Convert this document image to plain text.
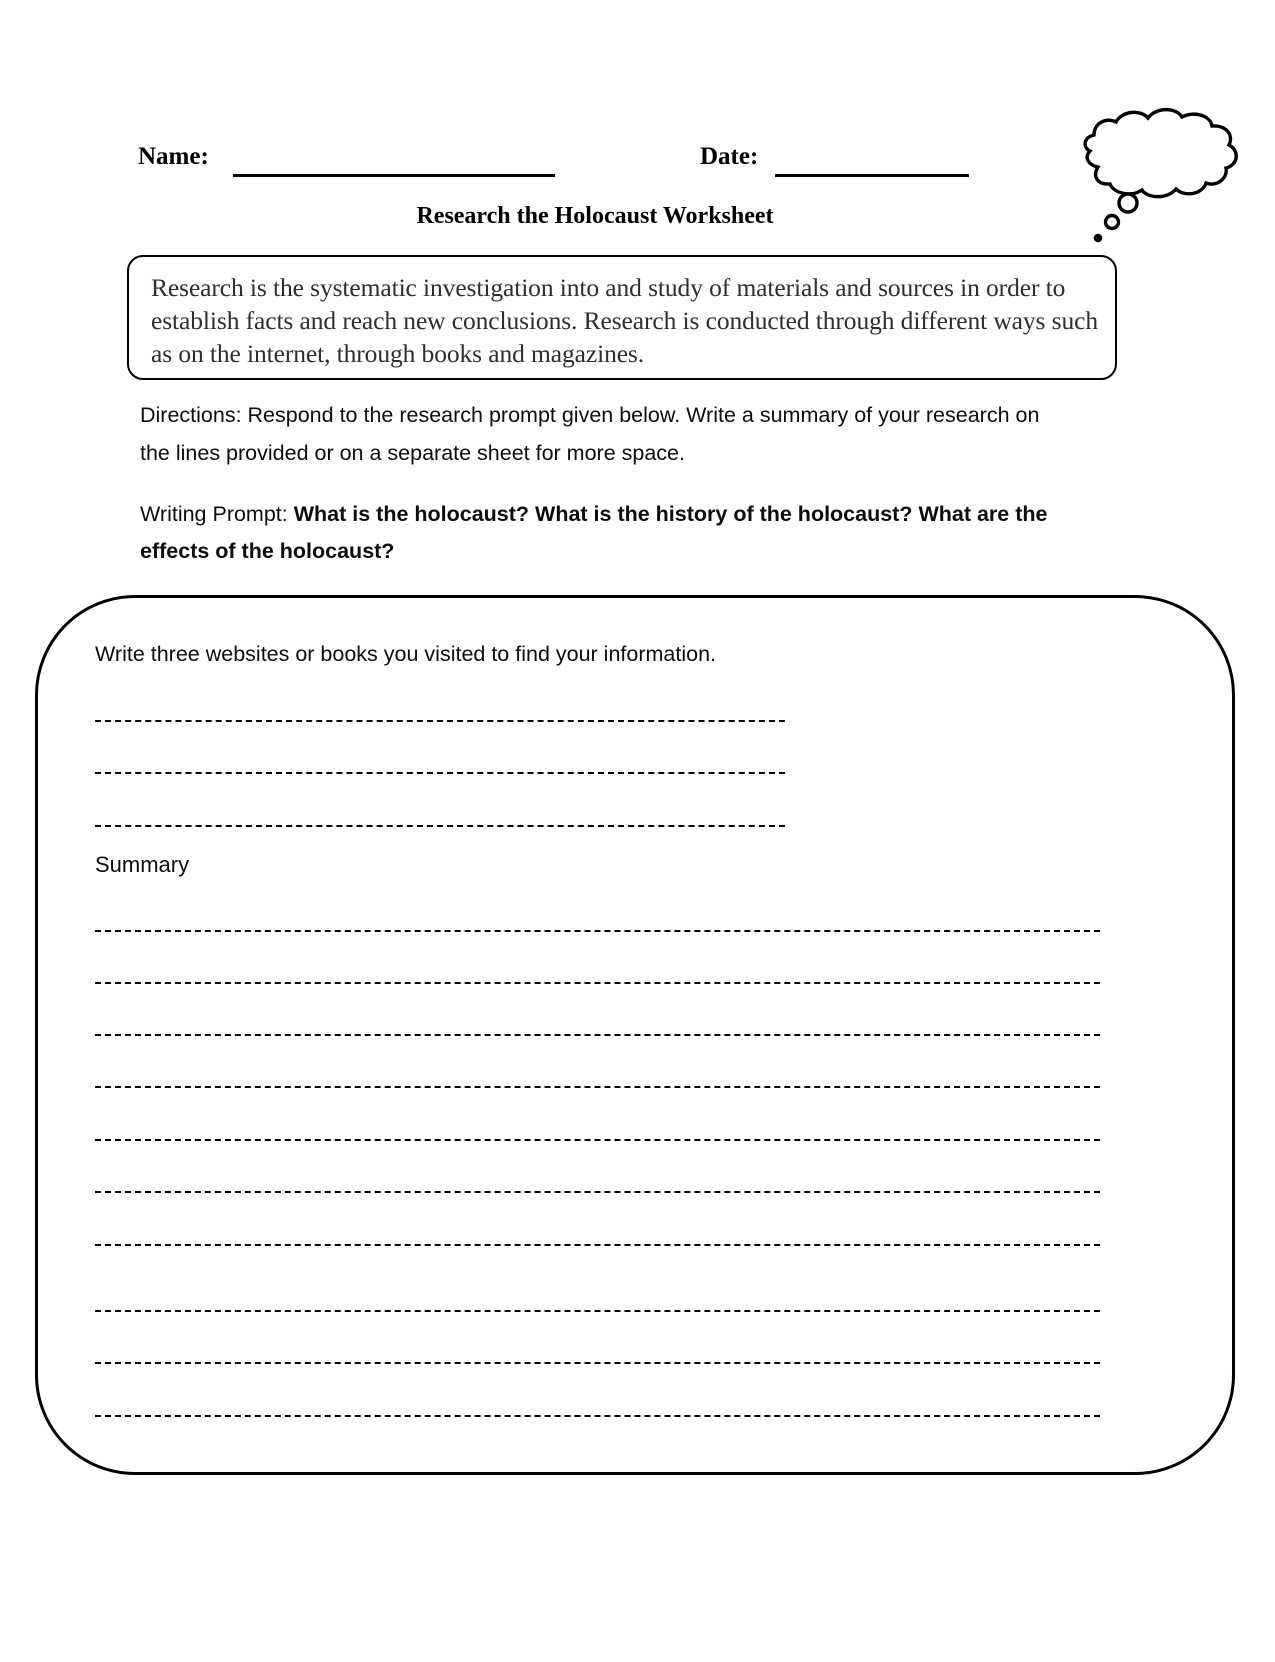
Name:	Date:
Research the Holocaust Worksheet
Research is the systematic investigation into and study of materials and sources in order to establish facts and reach new conclusions. Research is conducted through different ways such as on the internet, through books and magazines.
Directions: Respond to the research prompt given below. Write a summary of your research on the lines provided or on a separate sheet for more space.
Writing Prompt: What is the holocaust? What is the history of the holocaust? What are the effects of the holocaust?
Write three websites or books you visited to find your information.
Summary
